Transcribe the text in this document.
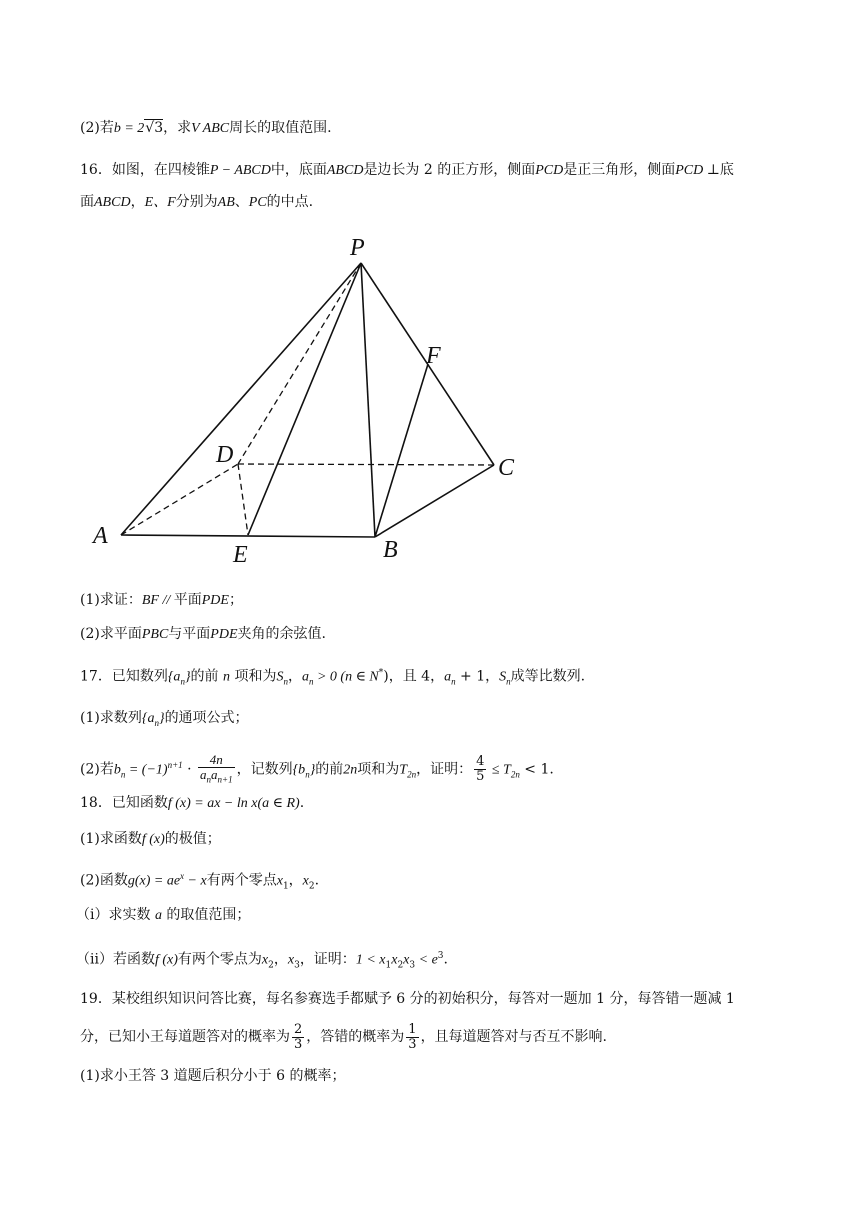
(2)若b = 2√3，求V ABC周长的取值范围.
16．如图，在四棱锥P − ABCD中，底面ABCD是边长为 2 的正方形，侧面PCD是正三角形，侧面PCD ⊥底
面ABCD，E、F分别为AB、PC的中点.
P
F
D	C
A
E	B
(1)求证：BF // 平面PDE；
(2)求平面PBC与平面PDE夹角的余弦值.
17．已知数列$\{a_n\}$的前 n 项和为$S_n$，$a_n > 0$ (n ∈ N*)，且 4，$a_n + 1$，$S_n$成等比数列.
(1)求数列$\{a_n\}$的通项公式；
(2)若$b_n = (-1)^{n+1} \cdot \frac{4n}{a_na_{n+1}}$ ，记数列$\{b_n\}$的前2n项和为$T_{2n}$，证明： $\frac{4}{5} \le T_{2n} < 1$.
18．已知函数f (x) = ax − ln x(a ∈ R).
(1)求函数f (x)的极值；
(2)函数$g(x) = ae^x - x$有两个零点$x_1$，$x_2$.
（i）求实数 a 的取值范围；
（ii）若函数f (x)有两个零点为$x_2$，$x_3$，证明：$1 < x_1x_2x_3 < e^3$.
19．某校组织知识问答比赛，每名参赛选手都赋予 6 分的初始积分，每答对一题加 1 分，每答错一题减 1
分，已知小王每道题答对的概率为 $\frac{2}{3}$ ，答错的概率为 $\frac{1}{3}$ ，且每道题答对与否互不影响.
(1)求小王答 3 道题后积分小于 6 的概率；
